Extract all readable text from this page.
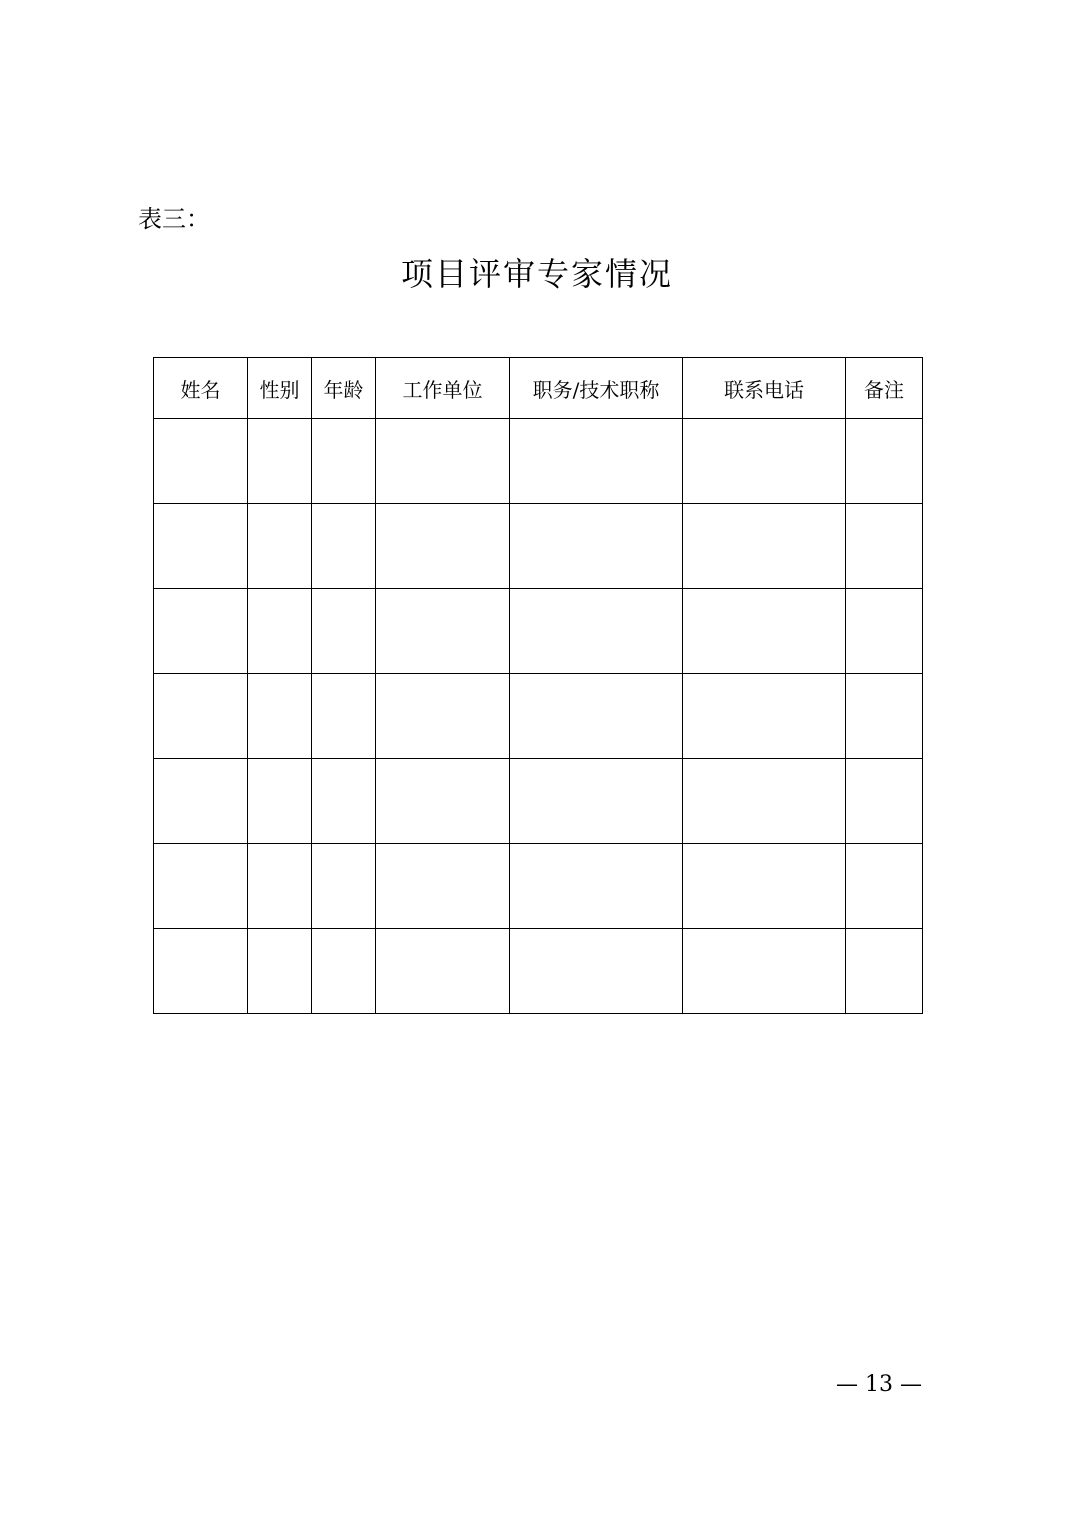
表三：
项目评审专家情况
姓名	性别	年龄	工作单位	职务/技术职称	联系电话	备注

— 13 —
